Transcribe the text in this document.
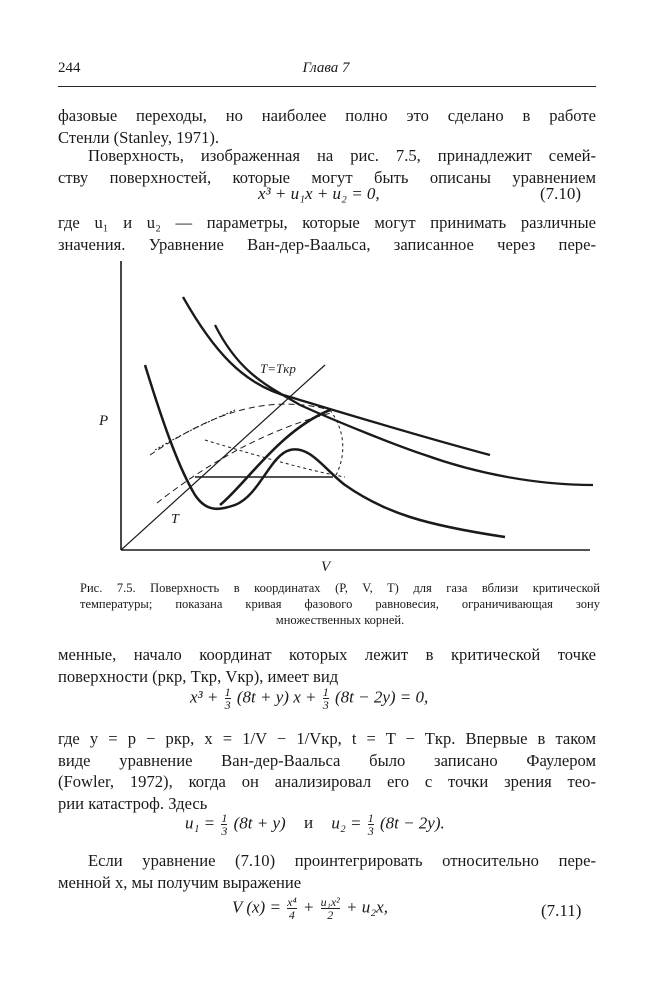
244	Глава 7
фазовые переходы, но наиболее полно это сделано в работе
Стенли (Stanley, 1971).
Поверхность, изображенная на рис. 7.5, принадлежит семей-
ству поверхностей, которые могут быть описаны уравнением
x³ + u₁x + u₂ = 0,	(7.10)
где u₁ и u₂ — параметры, которые могут принимать различные
значения. Уравнение Ван-дер-Ваальса, записанное через пере-
P
V
T
T=Tкр
Рис. 7.5. Поверхность в координатах (P, V, T) для газа вблизи критической
температуры; показана кривая фазового равновесия, ограничивающая зону
множественных корней.
менные, начало координат которых лежит в критической точке
поверхности (pкр, Tкр, Vкр), имеет вид
$x^3 + \frac{1}{3} (8t + y) x + \frac{1}{3} (8t - 2y) = 0$,
где y = p − pкр, x = 1/V − 1/Vкр, t = T − Tкр. Впервые в таком
виде уравнение Ван-дер-Ваальса было записано Фаулером
(Fowler, 1972), когда он анализировал его с точки зрения тео-
рии катастроф. Здесь
$u_1 = \frac{1}{3} (8t + y)$ и $u_2 = \frac{1}{3} (8t - 2y)$.
Если уравнение (7.10) проинтегрировать относительно пере-
менной x, мы получим выражение
V $(x) = \frac{\text{x⁴}}{4} + \frac{\text{u₁x²}}{2} + u_2x$,	(7.11)
